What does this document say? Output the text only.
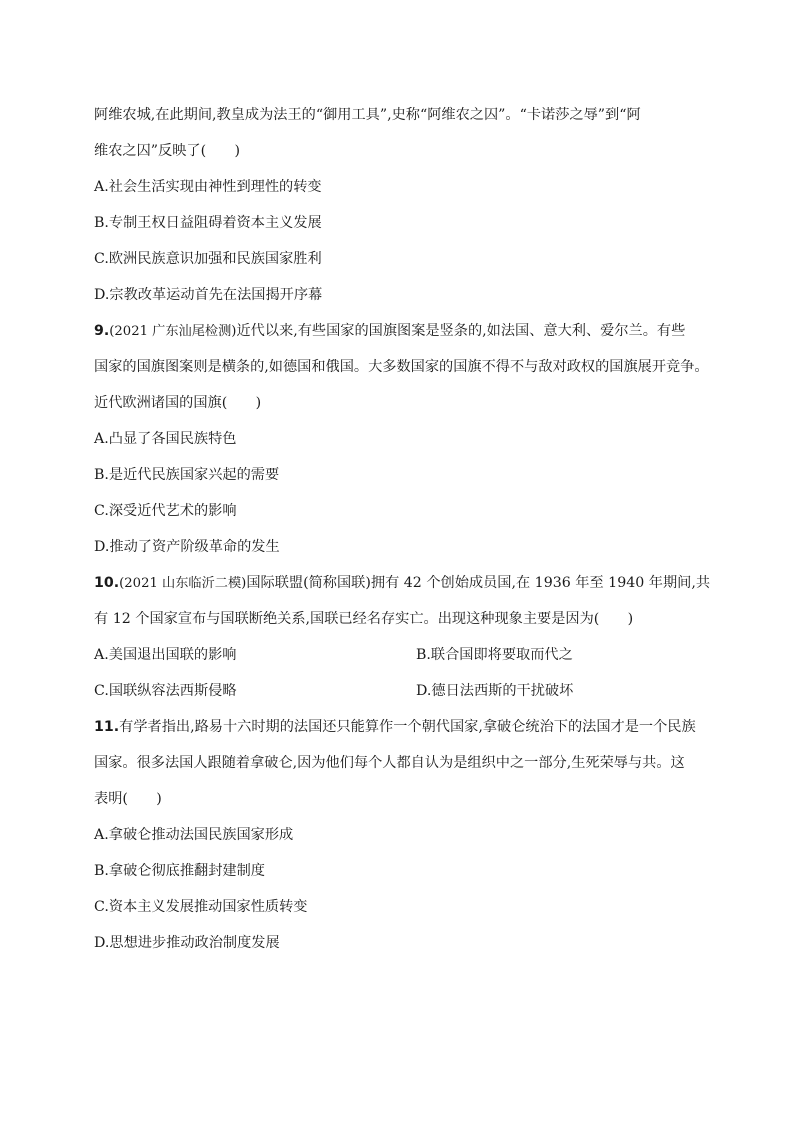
阿维农城,在此期间,教皇成为法王的“御用工具”,史称“阿维农之囚”。“卡诺莎之辱”到“阿
维农之囚”反映了(　　)
A.社会生活实现由神性到理性的转变
B.专制王权日益阻碍着资本主义发展
C.欧洲民族意识加强和民族国家胜利
D.宗教改革运动首先在法国揭开序幕
9.(2021 广东汕尾检测)近代以来,有些国家的国旗图案是竖条的,如法国、意大利、爱尔兰。有些
国家的国旗图案则是横条的,如德国和俄国。大多数国家的国旗不得不与敌对政权的国旗展开竞争。
近代欧洲诸国的国旗(　　)
A.凸显了各国民族特色
B.是近代民族国家兴起的需要
C.深受近代艺术的影响
D.推动了资产阶级革命的发生
10.(2021 山东临沂二模)国际联盟(简称国联)拥有 42 个创始成员国,在 1936 年至 1940 年期间,共
有 12 个国家宣布与国联断绝关系,国联已经名存实亡。出现这种现象主要是因为(　　)
A.美国退出国联的影响	B.联合国即将要取而代之
C.国联纵容法西斯侵略	D.德日法西斯的干扰破坏
11.有学者指出,路易十六时期的法国还只能算作一个朝代国家,拿破仑统治下的法国才是一个民族
国家。很多法国人跟随着拿破仑,因为他们每个人都自认为是组织中之一部分,生死荣辱与共。这
表明(　　)
A.拿破仑推动法国民族国家形成
B.拿破仑彻底推翻封建制度
C.资本主义发展推动国家性质转变
D.思想进步推动政治制度发展
